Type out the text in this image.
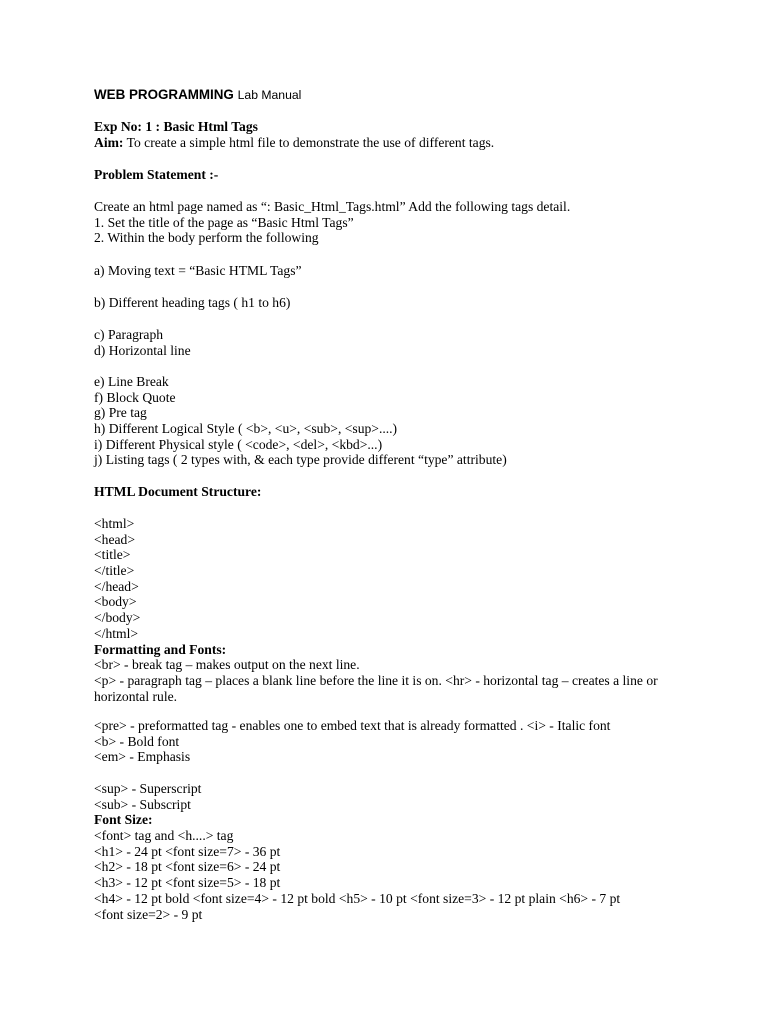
WEB PROGRAMMING Lab Manual
Exp No: 1 : Basic Html Tags
Aim: To create a simple html file to demonstrate the use of different tags.
Problem Statement :-
Create an html page named as “: Basic_Html_Tags.html” Add the following tags detail.
1. Set the title of the page as “Basic Html Tags”
2. Within the body perform the following
a) Moving text = “Basic HTML Tags”
b) Different heading tags ( h1 to h6)
c) Paragraph
d) Horizontal line
e) Line Break
f) Block Quote
g) Pre tag
h) Different Logical Style ( <b>, <u>, <sub>, <sup>....)
i) Different Physical style ( <code>, <del>, <kbd>...)
j) Listing tags ( 2 types with, & each type provide different “type” attribute)
HTML Document Structure:
<html>
<head>
<title>
</title>
</head>
<body>
</body>
</html>
Formatting and Fonts:
<br> - break tag – makes output on the next line.
<p> - paragraph tag – places a blank line before the line it is on. <hr> - horizontal tag – creates a line or horizontal rule.
<pre> - preformatted tag - enables one to embed text that is already formatted . <i> - Italic font
<b> - Bold font
<em> - Emphasis
<sup> - Superscript
<sub> - Subscript
Font Size:
<font> tag and <h....> tag
<h1> - 24 pt <font size=7> - 36 pt
<h2> - 18 pt <font size=6> - 24 pt
<h3> - 12 pt <font size=5> - 18 pt
<h4> - 12 pt bold <font size=4> - 12 pt bold <h5> - 10 pt <font size=3> - 12 pt plain <h6> - 7 pt
<font size=2> - 9 pt
